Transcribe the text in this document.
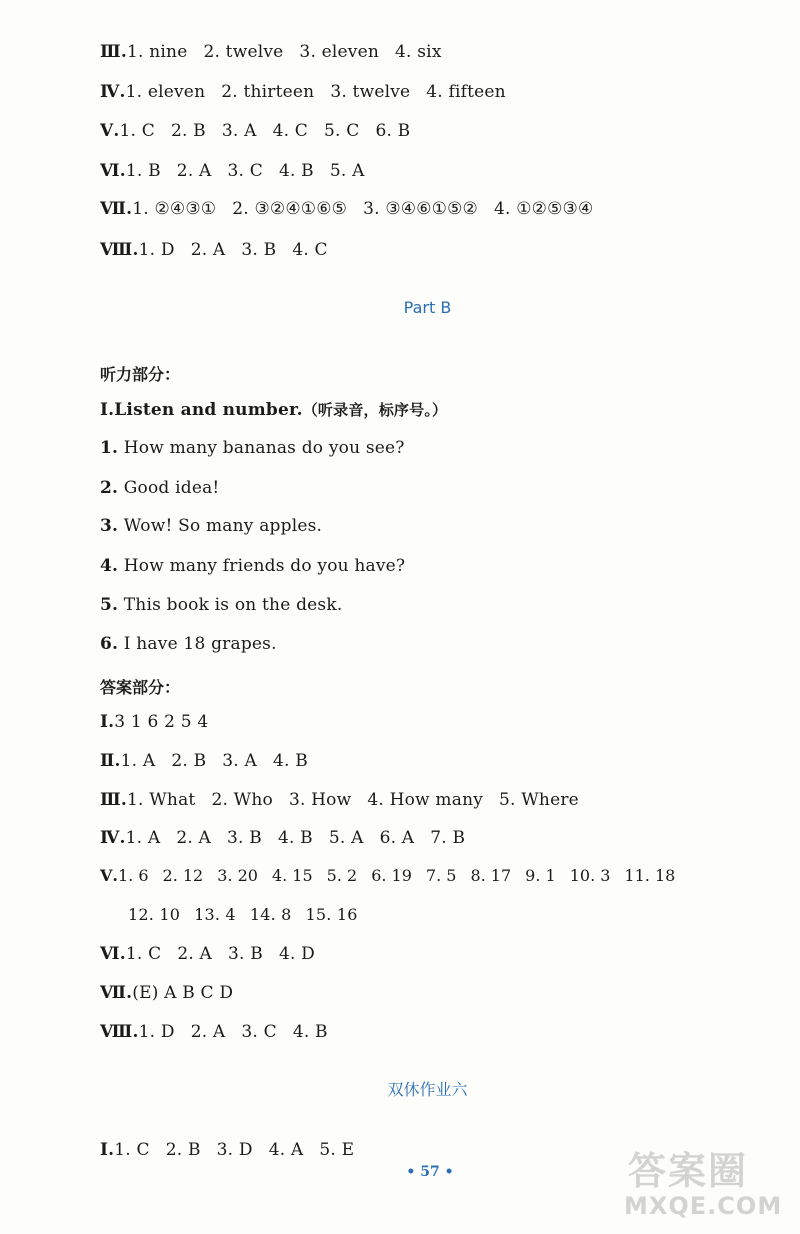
Ⅲ.1. nine 2. twelve 3. eleven 4. six
Ⅳ.1. eleven 2. thirteen 3. twelve 4. fifteen
Ⅴ.1. C 2. B 3. A 4. C 5. C 6. B
Ⅵ.1. B 2. A 3. C 4. B 5. A
Ⅶ.1. ②④③① 2. ③②④①⑥⑤ 3. ③④⑥①⑤② 4. ①②⑤③④
Ⅷ.1. D 2. A 3. B 4. C
Part B
听力部分：
Ⅰ.Listen and number.（听录音，标序号。）
1. How many bananas do you see?
2. Good idea!
3. Wow! So many apples.
4. How many friends do you have?
5. This book is on the desk.
6. I have 18 grapes.
答案部分：
Ⅰ.3 1 6 2 5 4
Ⅱ.1. A 2. B 3. A 4. B
Ⅲ.1. What 2. Who 3. How 4. How many 5. Where
Ⅳ.1. A 2. A 3. B 4. B 5. A 6. A 7. B
Ⅴ.1. 6 2. 12 3. 20 4. 15 5. 2 6. 19 7. 5 8. 17 9. 1 10. 3 11. 18
12. 10 13. 4 14. 8 15. 16
Ⅵ.1. C 2. A 3. B 4. D
Ⅶ.(E) A B C D
Ⅷ.1. D 2. A 3. C 4. B
双休作业六
Ⅰ.1. C 2. B 3. D 4. A 5. E
• 57 •	答案圈
MXQE.COM
